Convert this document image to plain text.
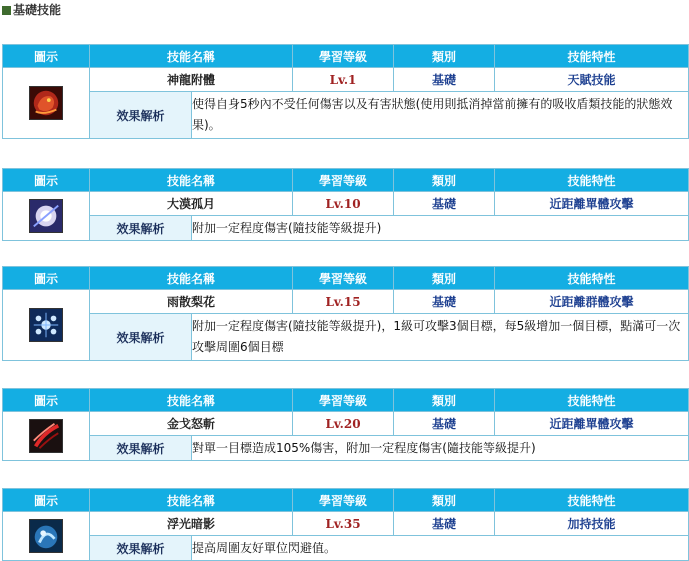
基礎技能
圖示	技能名稱		學習等級	類別	技能特性

	神龍附體		Lv.1	基礎	天賦技能
	效果解析	使得自身5秒內不受任何傷害以及有害狀態(使用則抵消掉當前擁有的吸收盾類技能的狀態效果)。			
圖示	技能名稱		學習等級	類別	技能特性

	大漠孤月		Lv.10	基礎	近距離單體攻擊
	效果解析	附加一定程度傷害(隨技能等級提升)			
圖示	技能名稱		學習等級	類別	技能特性

	雨散梨花		Lv.15	基礎	近距離群體攻擊
	效果解析	附加一定程度傷害(隨技能等級提升)，1級可攻擊3個目標，每5級增加一個目標，點滿可一次攻擊周圍6個目標			
圖示	技能名稱		學習等級	類別	技能特性

	金戈怒斬		Lv.20	基礎	近距離單體攻擊
	效果解析	對單一目標造成105%傷害，附加一定程度傷害(隨技能等級提升)			
圖示	技能名稱		學習等級	類別	技能特性

	浮光暗影		Lv.35	基礎	加持技能
	效果解析	提高周圍友好單位閃避值。			
